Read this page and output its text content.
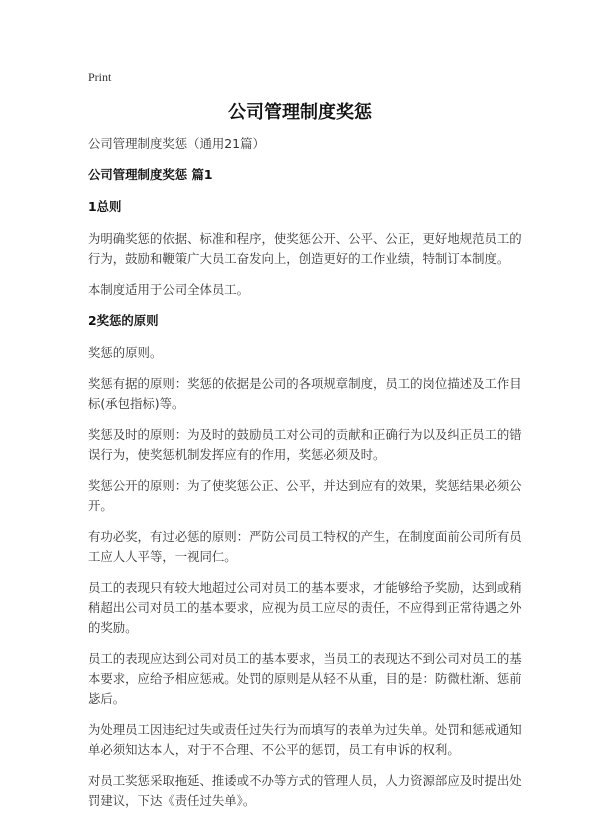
Print
公司管理制度奖惩

公司管理制度奖惩（通用21篇）

公司管理制度奖惩 篇1

1总则

为明确奖惩的依据、标准和程序，使奖惩公开、公平、公正，更好地规范员工的行为，鼓励和鞭策广大员工奋发向上，创造更好的工作业绩，特制订本制度。

本制度适用于公司全体员工。

2奖惩的原则

奖惩的原则。

奖惩有据的原则：奖惩的依据是公司的各项规章制度，员工的岗位描述及工作目标(承包指标)等。

奖惩及时的原则：为及时的鼓励员工对公司的贡献和正确行为以及纠正员工的错误行为，使奖惩机制发挥应有的作用，奖惩必须及时。

奖惩公开的原则：为了使奖惩公正、公平，并达到应有的效果，奖惩结果必须公开。

有功必奖，有过必惩的原则：严防公司员工特权的产生，在制度面前公司所有员工应人人平等，一视同仁。

员工的表现只有较大地超过公司对员工的基本要求，才能够给予奖励，达到或稍稍超出公司对员工的基本要求，应视为员工应尽的责任，不应得到正常待遇之外的奖励。

员工的表现应达到公司对员工的基本要求，当员工的表现达不到公司对员工的基本要求，应给予相应惩戒。处罚的原则是从轻不从重，目的是：防微杜渐、惩前毖后。

为处理员工因违纪过失或责任过失行为而填写的表单为过失单。处罚和惩戒通知单必须知达本人，对于不合理、不公平的惩罚，员工有申诉的权利。

对员工奖惩采取拖延、推诿或不办等方式的管理人员，人力资源部应及时提出处罚建议，下达《责任过失单》。
